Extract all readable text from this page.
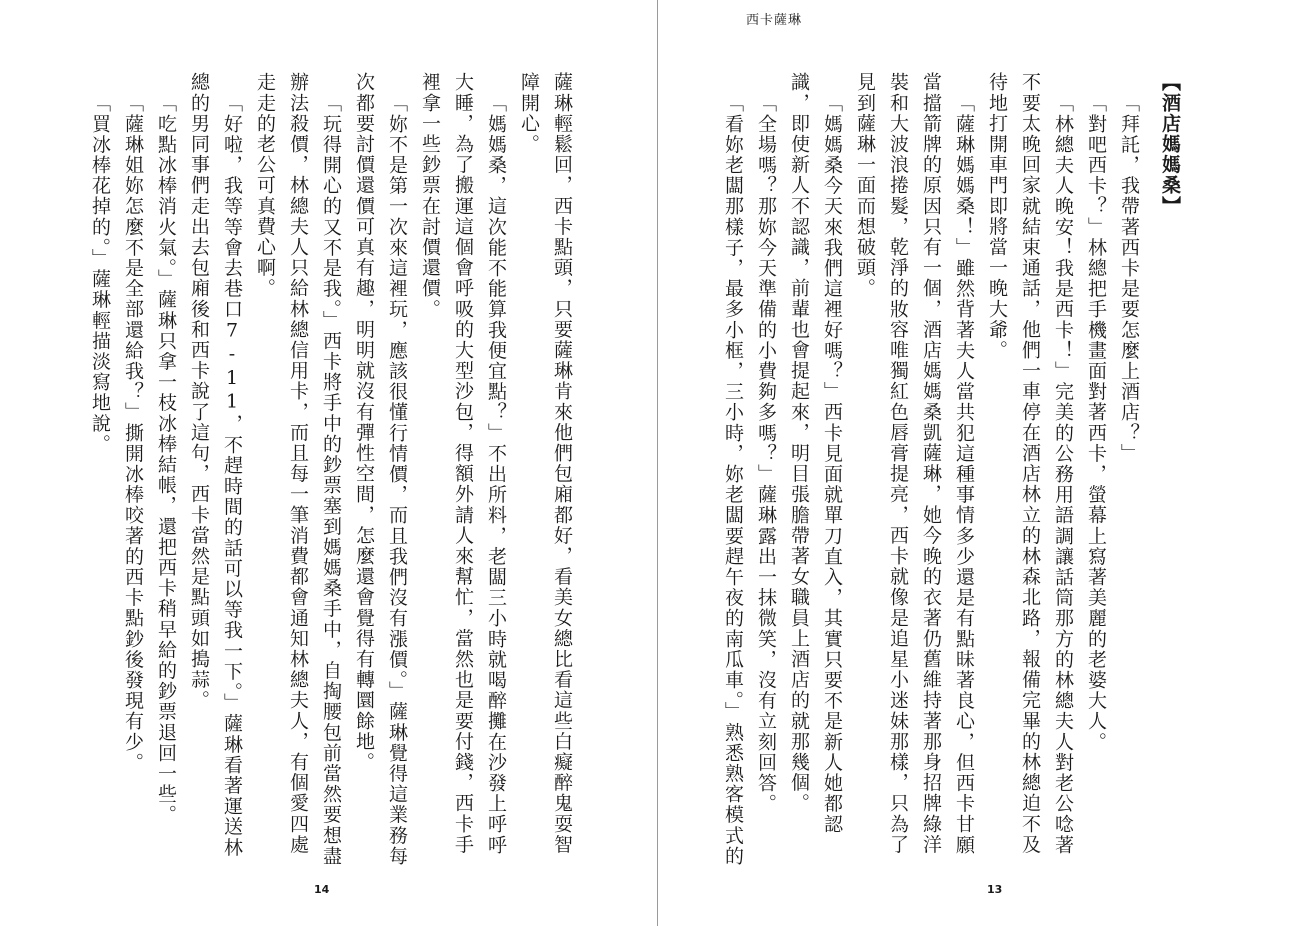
薩琳輕鬆回，西卡點頭，只要薩琳肯來他們包廂都好，看美女總比看這些白癡醉鬼耍智障開心。

「媽媽桑，這次能不能算我便宜點？」不出所料，老闆三小時就喝醉攤在沙發上呼呼大睡，為了搬運這個會呼吸的大型沙包，得額外請人來幫忙，當然也是要付錢，西卡手裡拿一些鈔票在討價還價。

「妳不是第一次來這裡玩，應該很懂行情價，而且我們沒有漲價。」薩琳覺得這業務每次都要討價還價可真有趣，明明就沒有彈性空間，怎麼還會覺得有轉圜餘地。

「玩得開心的又不是我。」西卡將手中的鈔票塞到媽媽桑手中，自掏腰包前當然要想盡辦法殺價，林總夫人只給林總信用卡，而且每一筆消費都會通知林總夫人，有個愛四處走走的老公可真費心啊。

「好啦，我等等會去巷口7-11，不趕時間的話可以等我一下。」薩琳看著運送林總的男同事們走出去包廂後和西卡說了這句，西卡當然是點頭如搗蒜。

「吃點冰棒消火氣。」薩琳只拿一枝冰棒結帳，還把西卡稍早給的鈔票退回一些。

「薩琳姐妳怎麼不是全部還給我？」撕開冰棒咬著的西卡點鈔後發現有少。

「買冰棒花掉的。」薩琳輕描淡寫地說。

14
西卡薩琳

【酒店媽媽桑】

「拜託，我帶著西卡是要怎麼上酒店？」

「對吧西卡？」林總把手機畫面對著西卡，螢幕上寫著美麗的老婆大人。

「林總夫人晚安！我是西卡！」完美的公務用語調讓話筒那方的林總夫人對老公唸著不要太晚回家就結束通話，他們一車停在酒店林立的林森北路，報備完畢的林總迫不及待地打開車門即將當一晚大爺。

「薩琳媽媽桑！」雖然背著夫人當共犯這種事情多少還是有點昧著良心，但西卡甘願當擋箭牌的原因只有一個，酒店媽媽桑凱薩琳，她今晚的衣著仍舊維持著那身招牌綠洋裝和大波浪捲髮，乾淨的妝容唯獨紅色唇膏提亮，西卡就像是追星小迷妹那樣，只為了見到薩琳一面而想破頭。

「媽媽桑今天來我們這裡好嗎？」西卡見面就單刀直入，其實只要不是新人她都認識，即使新人不認識，前輩也會提起來，明目張膽帶著女職員上酒店的就那幾個。

「全場嗎？那妳今天準備的小費夠多嗎？」薩琳露出一抹微笑，沒有立刻回答。

「看妳老闆那樣子，最多小框，三小時，妳老闆要趕午夜的南瓜車。」熟悉熟客模式的

13
